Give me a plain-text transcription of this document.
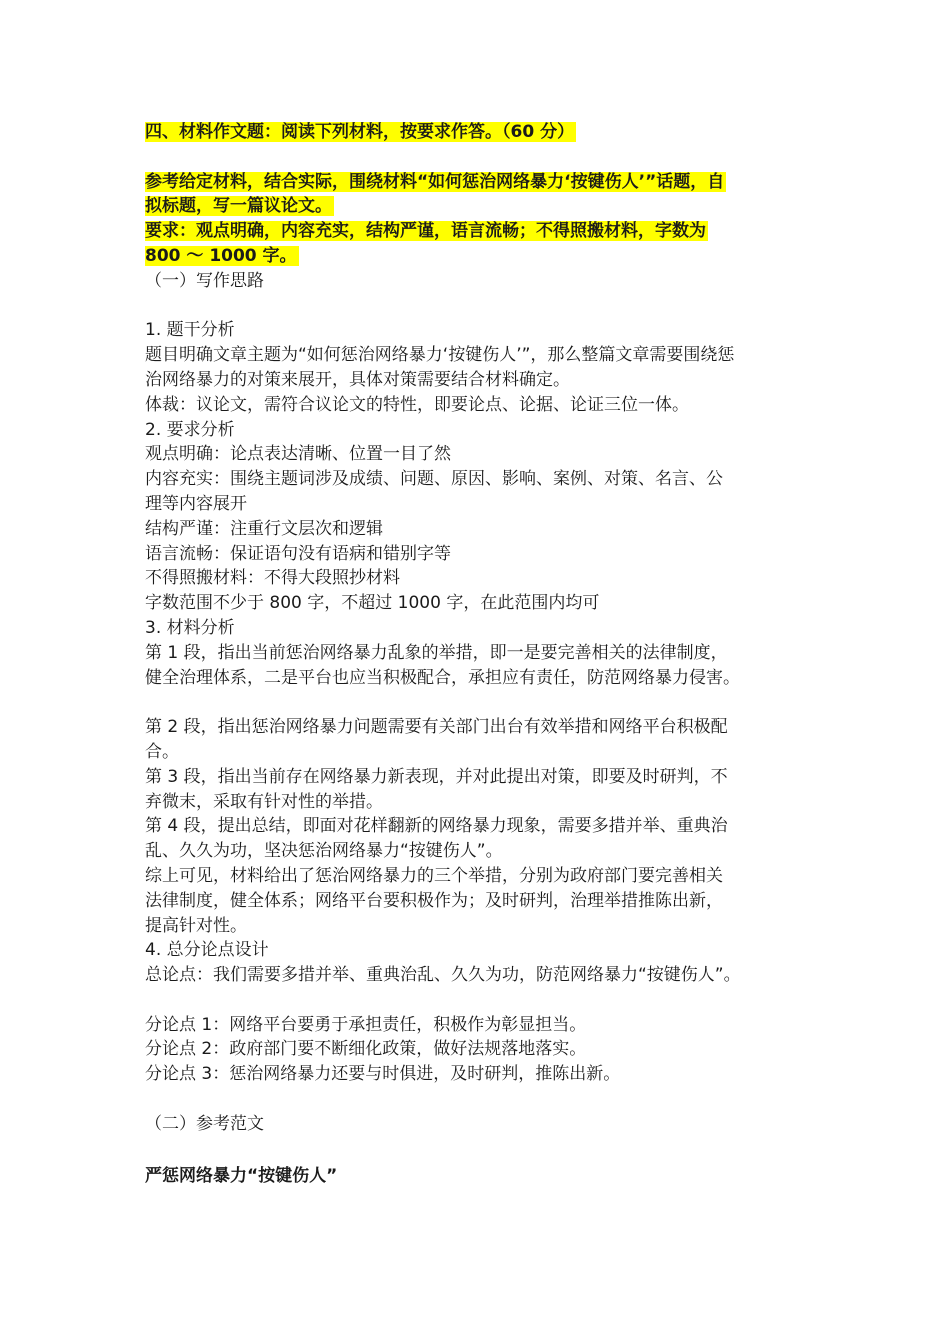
四、材料作文题：阅读下列材料，按要求作答。（60 分）
参考给定材料，结合实际，围绕材料“如何惩治网络暴力‘按键伤人’”话题，自
拟标题，写一篇议论文。
要求：观点明确，内容充实，结构严谨，语言流畅；不得照搬材料，字数为
800 ～ 1000 字。
（一）写作思路
1. 题干分析
题目明确文章主题为“如何惩治网络暴力‘按键伤人’”，那么整篇文章需要围绕惩
治网络暴力的对策来展开，具体对策需要结合材料确定。
体裁：议论文，需符合议论文的特性，即要论点、论据、论证三位一体。
2. 要求分析
观点明确：论点表达清晰、位置一目了然
内容充实：围绕主题词涉及成绩、问题、原因、影响、案例、对策、名言、公
理等内容展开
结构严谨：注重行文层次和逻辑
语言流畅：保证语句没有语病和错别字等
不得照搬材料：不得大段照抄材料
字数范围不少于 800 字，不超过 1000 字，在此范围内均可
3. 材料分析
第 1 段，指出当前惩治网络暴力乱象的举措，即一是要完善相关的法律制度，
健全治理体系，二是平台也应当积极配合，承担应有责任，防范网络暴力侵害。
第 2 段，指出惩治网络暴力问题需要有关部门出台有效举措和网络平台积极配
合。
第 3 段，指出当前存在网络暴力新表现，并对此提出对策，即要及时研判，不
弃微末，采取有针对性的举措。
第 4 段，提出总结，即面对花样翻新的网络暴力现象，需要多措并举、重典治
乱、久久为功，坚决惩治网络暴力“按键伤人”。
综上可见，材料给出了惩治网络暴力的三个举措，分别为政府部门要完善相关
法律制度，健全体系；网络平台要积极作为；及时研判，治理举措推陈出新，
提高针对性。
4. 总分论点设计
总论点：我们需要多措并举、重典治乱、久久为功，防范网络暴力“按键伤人”。
分论点 1：网络平台要勇于承担责任，积极作为彰显担当。
分论点 2：政府部门要不断细化政策，做好法规落地落实。
分论点 3：惩治网络暴力还要与时俱进，及时研判，推陈出新。
（二）参考范文
严惩网络暴力“按键伤人”
